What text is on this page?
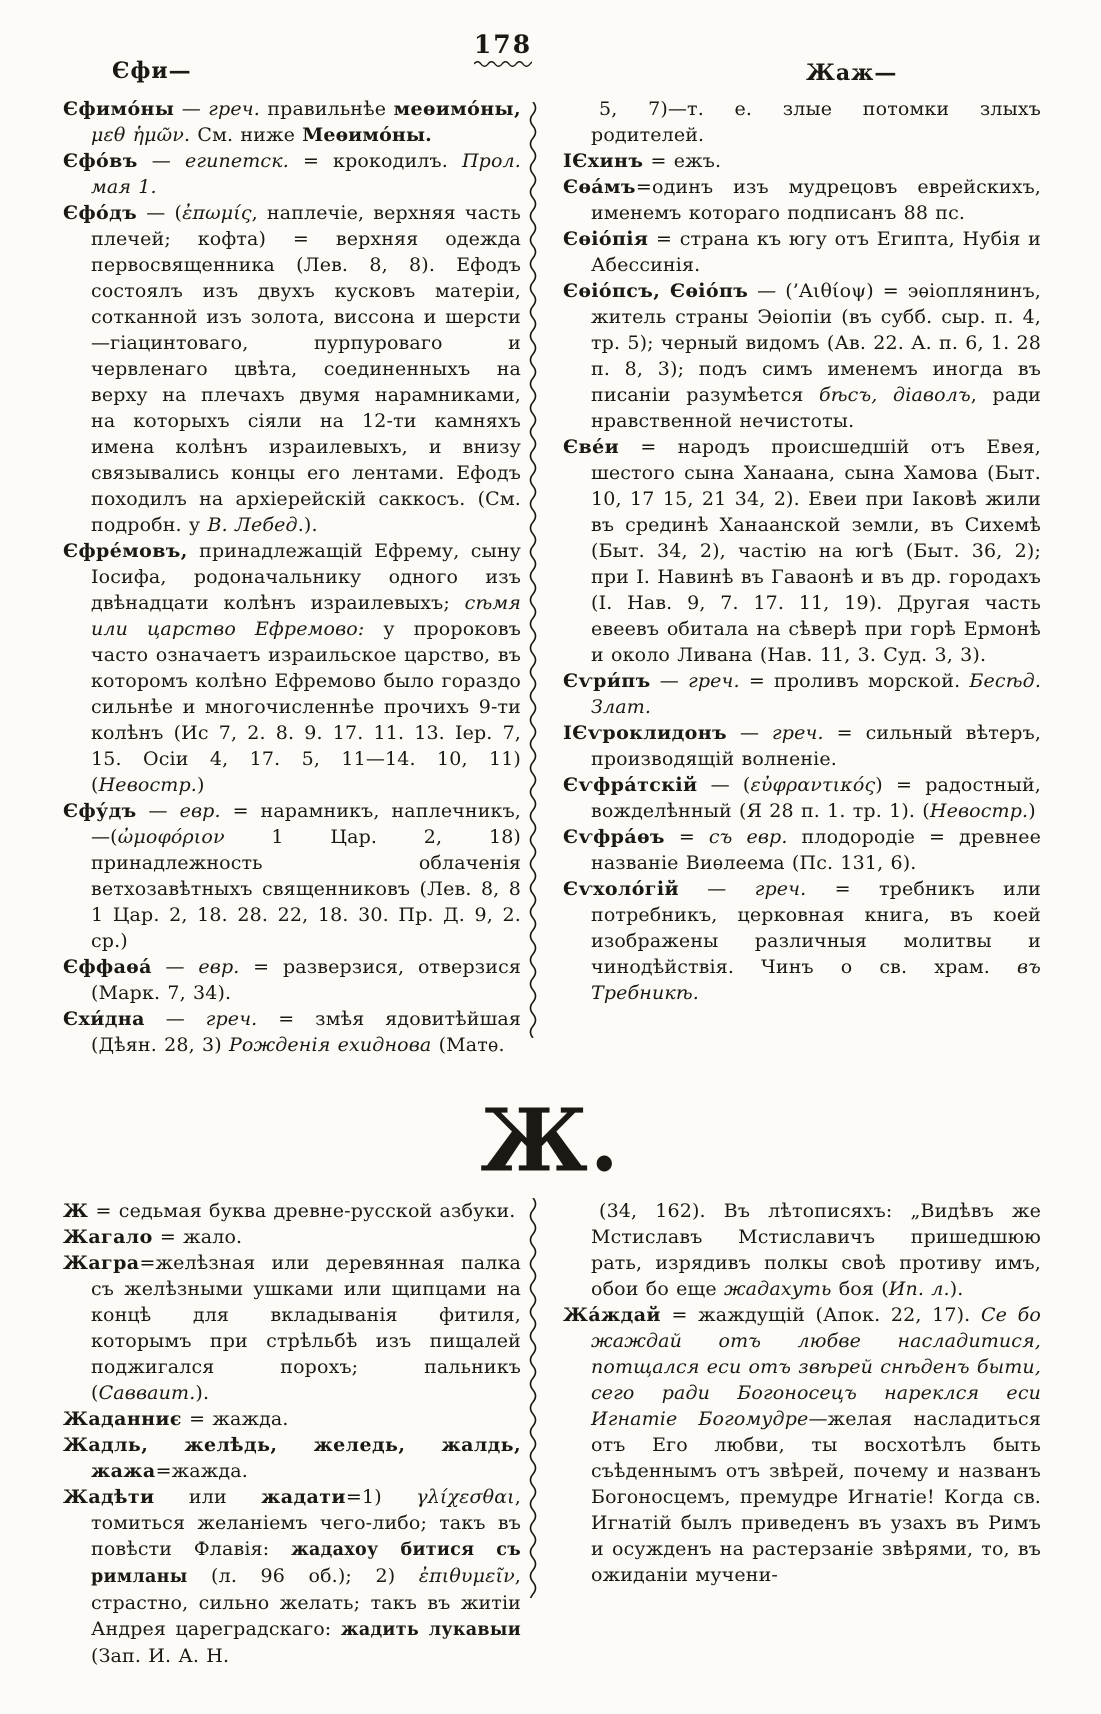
Єфи—
178
Жаж—

Єфимо́ны — греч. правильнѣе меѳимо́ны, μεθ ἡμῶν. См. ниже Меѳимо́ны.

Єфо́въ — египетск. = крокодилъ. Прол. мая 1.

Єфо́дъ — (ἐπωμίς, наплечіе, верхняя часть плечей; кофта) = верхняя одежда первосвященника (Лев. 8, 8). Ефодъ состоялъ изъ двухъ кусковъ матеріи, сотканной изъ золота, виссона и шерсти—гіацинтоваго, пурпуроваго и червленаго цвѣта, соединенныхъ на верху на плечахъ двумя нарамниками, на которыхъ сіяли на 12-ти камняхъ имена колѣнъ израилевыхъ, и внизу связывались концы его лентами. Ефодъ походилъ на архіерейскій саккосъ. (См. подробн. у В. Лебед.).

Єфре́мовъ, принадлежащій Ефрему, сыну Іосифа, родоначальнику одного изъ двѣнадцати колѣнъ израилевыхъ; сѣмя или царство Ефремово: у пророковъ часто означаетъ израильское царство, въ которомъ колѣно Ефремово было гораздо сильнѣе и многочисленнѣе прочихъ 9-ти колѣнъ (Ис 7, 2. 8. 9. 17. 11. 13. Іер. 7, 15. Осіи 4, 17. 5, 11—14. 10, 11) (Невостр.)

Єфу́дъ — евр. = нарамникъ, наплечникъ, —(ὠμοφόριον 1 Цар. 2, 18) принадлежность облаченія ветхозавѣтныхъ священниковъ (Лев. 8, 8 1 Цар. 2, 18. 28. 22, 18. 30. Пр. Д. 9, 2. ср.)

Єффаѳа́ — евр. = разверзися, отверзися (Марк. 7, 34).

Єхи́дна — греч. = змѣя ядовитѣйшая (Дѣян. 28, 3) Рожденія ехиднова (Матѳ.

5, 7)—т. е. злые потомки злыхъ родителей.

ІЄхинъ = ежъ.

Єѳа́мъ=одинъ изъ мудрецовъ еврейскихъ, именемъ котораго подписанъ 88 пс.

Єѳіо́пія = страна къ югу отъ Египта, Нубія и Абессинія.

Єѳіо́псъ, Єѳіо́пъ — (’Αιθίοψ) = эѳіоплянинъ, житель страны Эѳіопіи (въ субб. сыр. п. 4, тр. 5); черный видомъ (Ав. 22. А. п. 6, 1. 28 п. 8, 3); подъ симъ именемъ иногда въ писаніи разумѣется бѣсъ, діаволъ, ради нравственной нечистоты.

Єве́и = народъ происшедшій отъ Евея, шестого сына Ханаана, сына Хамова (Быт. 10, 17 15, 21 34, 2). Евеи при Іаковѣ жили въ срединѣ Ханаанской земли, въ Сихемѣ (Быт. 34, 2), частію на югѣ (Быт. 36, 2); при І. Навинѣ въ Гаваонѣ и въ др. городахъ (І. Нав. 9, 7. 17. 11, 19). Другая часть евеевъ обитала на сѣверѣ при горѣ Ермонѣ и около Ливана (Нав. 11, 3. Суд. 3, 3).

Єѵри́пъ — греч. = проливъ морской. Бесѣд. Злат.

ІЄѵроклидонъ — греч. = сильный вѣтеръ, производящій волненіе.

Єѵфра́тскій — (εὐφραντικός) = радостный, вожделѣнный (Я 28 п. 1. тр. 1). (Невостр.)

Єѵфра́ѳъ = съ евр. плодородіе = древнее названіе Виѳлеема (Пс. 131, 6).

Єѵхоло́гій — греч. = требникъ или потребникъ, церковная книга, въ коей изображены различныя молитвы и чинодѣйствія. Чинъ о св. храм. въ Требникѣ.

Ж.

Ж = седьмая буква древне-русской азбуки.

Жагало = жало.

Жагра=желѣзная или деревянная палка съ желѣзными ушками или щипцами на концѣ для вкладыванія фитиля, которымъ при стрѣльбѣ изъ пищалей поджигался порохъ; пальникъ (Савваит.).

Жаданниє = жажда.

Жадль, желѣдь, желедь, жалдь, жажа=жажда.

Жадѣти или жадати=1) γλίχεσθαι, томиться желаніемъ чего-либо; такъ въ повѣсти Флавія: жадахоу битися съ римланы (л. 96 об.); 2) ἐπιθυμεῖν, страстно, сильно желать; такъ въ житіи Андрея цареградскаго: жадить лукавыи (Зап. И. А. Н.

(34, 162). Въ лѣтописяхъ: „Видѣвъ же Мстиславъ Мстиславичъ пришедшюю рать, изрядивъ полкы своѣ противу имъ, обои бо еще жадахуть боя (Ип. л.).

Жа́ждай = жаждущій (Апок. 22, 17). Се бо жаждай отъ любве насладитися, потщался еси отъ звѣрей снѣденъ быти, сего ради Богоносецъ нареклся еси Игнатіе Богомудре—желая насладиться отъ Его любви, ты восхотѣлъ быть съѣденнымъ отъ звѣрей, почему и названъ Богоносцемъ, премудре Игнатіе! Когда св. Игнатій былъ приведенъ въ узахъ въ Римъ и осужденъ на растерзаніе звѣрями, то, въ ожиданіи мучени-
